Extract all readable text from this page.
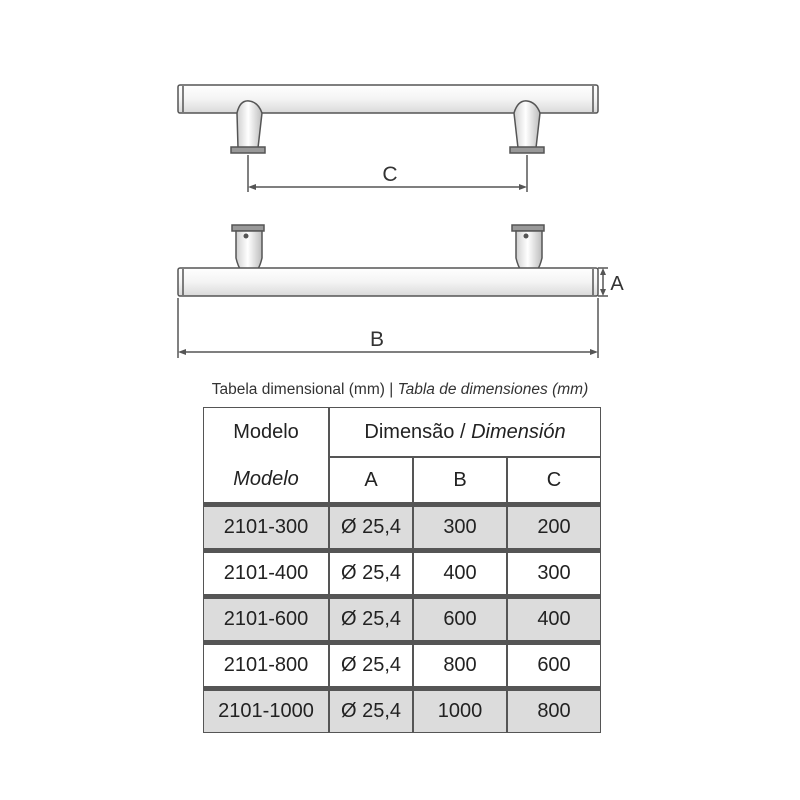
C
A
B
Tabela dimensional (mm) | Tabla de dimensiones (mm)
Modelo	Dimensão / Dimensión		
Modelo	A	B	C
2101-300	Ø 25,4	300	200
2101-400	Ø 25,4	400	300
2101-600	Ø 25,4	600	400
2101-800	Ø 25,4	800	600
2101-1000	Ø 25,4	1000	800
